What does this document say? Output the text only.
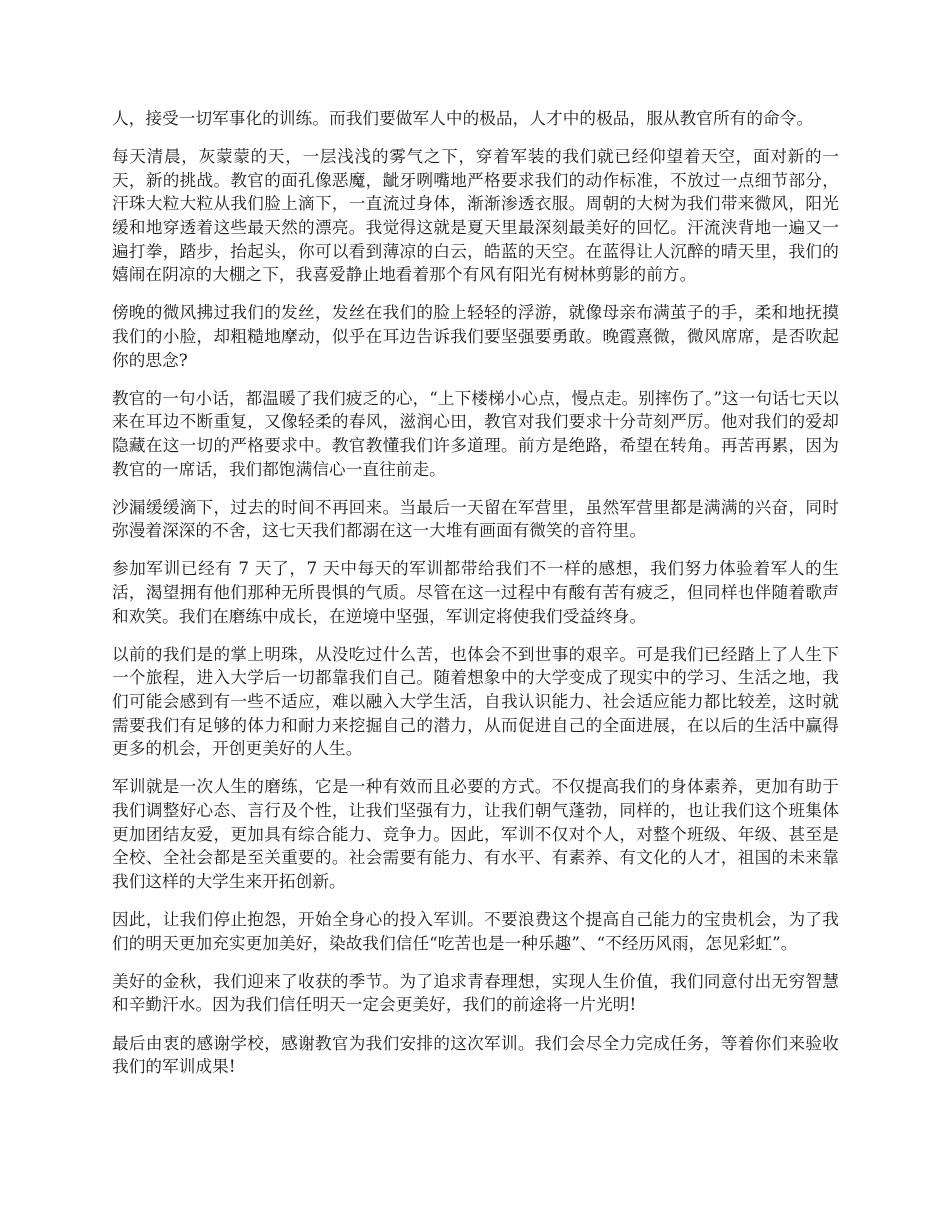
人，接受一切军事化的训练。而我们要做军人中的极品，人才中的极品，服从教官所有的命令。

每天清晨，灰蒙蒙的天，一层浅浅的雾气之下，穿着军装的我们就已经仰望着天空，面对新的一天，新的挑战。教官的面孔像恶魔，龇牙咧嘴地严格要求我们的动作标准，不放过一点细节部分，汗珠大粒大粒从我们脸上滴下，一直流过身体，渐渐渗透衣服。周朝的大树为我们带来微风，阳光缓和地穿透着这些最天然的漂亮。我觉得这就是夏天里最深刻最美好的回忆。汗流浃背地一遍又一遍打拳，踏步，抬起头，你可以看到薄凉的白云，皓蓝的天空。在蓝得让人沉醉的晴天里，我们的嬉闹在阴凉的大棚之下，我喜爱静止地看着那个有风有阳光有树林剪影的前方。

傍晚的微风拂过我们的发丝，发丝在我们的脸上轻轻的浮游，就像母亲布满茧子的手，柔和地抚摸我们的小脸，却粗糙地摩动，似乎在耳边告诉我们要坚强要勇敢。晚霞熹微，微风席席，是否吹起你的思念?

教官的一句小话，都温暖了我们疲乏的心，“上下楼梯小心点，慢点走。别摔伤了。”这一句话七天以来在耳边不断重复，又像轻柔的春风，滋润心田，教官对我们要求十分苛刻严厉。他对我们的爱却隐藏在这一切的严格要求中。教官教懂我们许多道理。前方是绝路，希望在转角。再苦再累，因为教官的一席话，我们都饱满信心一直往前走。

沙漏缓缓滴下，过去的时间不再回来。当最后一天留在军营里，虽然军营里都是满满的兴奋，同时弥漫着深深的不舍，这七天我们都溺在这一大堆有画面有微笑的音符里。

参加军训已经有 7 天了，7 天中每天的军训都带给我们不一样的感想，我们努力体验着军人的生活，渴望拥有他们那种无所畏惧的气质。尽管在这一过程中有酸有苦有疲乏，但同样也伴随着歌声和欢笑。我们在磨练中成长，在逆境中坚强，军训定将使我们受益终身。

以前的我们是的掌上明珠，从没吃过什么苦，也体会不到世事的艰辛。可是我们已经踏上了人生下一个旅程，进入大学后一切都靠我们自己。随着想象中的大学变成了现实中的学习、生活之地，我们可能会感到有一些不适应，难以融入大学生活，自我认识能力、社会适应能力都比较差，这时就需要我们有足够的体力和耐力来挖掘自己的潜力，从而促进自己的全面进展，在以后的生活中赢得更多的机会，开创更美好的人生。

军训就是一次人生的磨练，它是一种有效而且必要的方式。不仅提高我们的身体素养，更加有助于我们调整好心态、言行及个性，让我们坚强有力，让我们朝气蓬勃，同样的，也让我们这个班集体更加团结友爱，更加具有综合能力、竞争力。因此，军训不仅对个人，对整个班级、年级、甚至是全校、全社会都是至关重要的。社会需要有能力、有水平、有素养、有文化的人才，祖国的未来靠我们这样的大学生来开拓创新。

因此，让我们停止抱怨，开始全身心的投入军训。不要浪费这个提高自己能力的宝贵机会，为了我们的明天更加充实更加美好，染故我们信任“吃苦也是一种乐趣”、“不经历风雨，怎见彩虹”。

美好的金秋，我们迎来了收获的季节。为了追求青春理想，实现人生价值，我们同意付出无穷智慧和辛勤汗水。因为我们信任明天一定会更美好，我们的前途将一片光明!

最后由衷的感谢学校，感谢教官为我们安排的这次军训。我们会尽全力完成任务，等着你们来验收我们的军训成果!
